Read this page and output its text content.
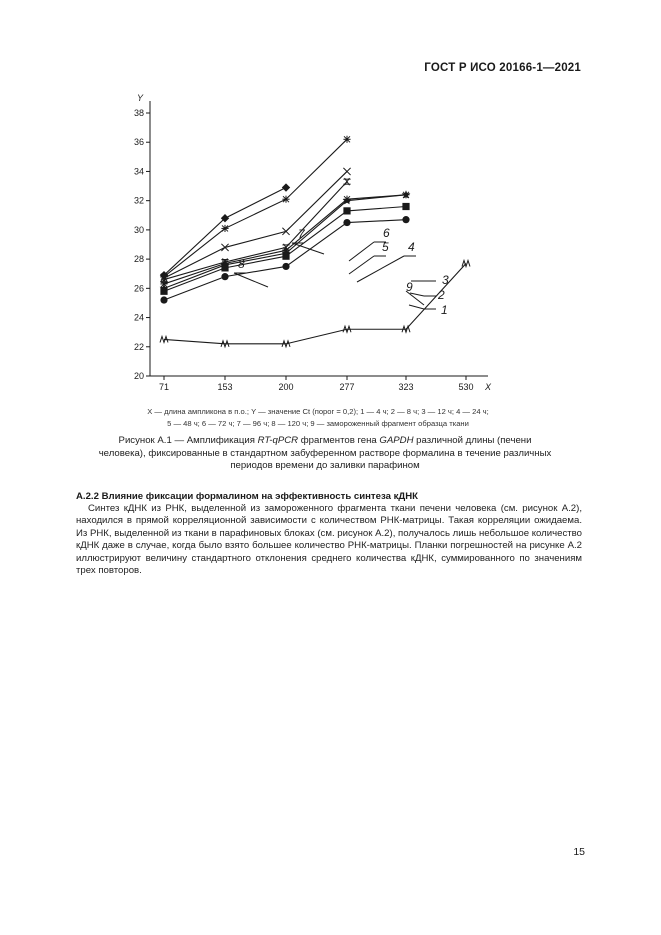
ГОСТ Р ИСО 20166-1—2021
20
22
24
26
28
30
32
34
36
38
Y
71	153	200	277	323	530 X
1
2
3
4
5
6
7
8
9
X — длина ампликона в п.о.; Y — значение Ct (порог = 0,2); 1 — 4 ч; 2 — 8 ч; 3 — 12 ч; 4 — 24 ч;
5 — 48 ч; 6 — 72 ч; 7 — 96 ч; 8 — 120 ч; 9 — замороженный фрагмент образца ткани
Рисунок А.1 — Амплификация RT-qPCR фрагментов гена GAPDH различной длины (печени
человека), фиксированные в стандартном забуференном растворе формалина в течение различных
периодов времени до заливки парафином
А.2.2 Влияние фиксации формалином на эффективность синтеза кДНК

Синтез кДНК из РНК, выделенной из замороженного фрагмента ткани печени человека (см. рисунок А.2), находился в прямой корреляционной зависимости с количеством РНК-матрицы. Такая корреляции ожидаема. Из РНК, выделенной из ткани в парафиновых блоках (см. рисунок А.2), получалось лишь небольшое количество кДНК даже в случае, когда было взято большее количество РНК-матрицы. Планки погрешностей на рисунке А.2 иллюстрируют величину стандартного отклонения среднего количества кДНК, суммированного по значениям трех повторов.

15
